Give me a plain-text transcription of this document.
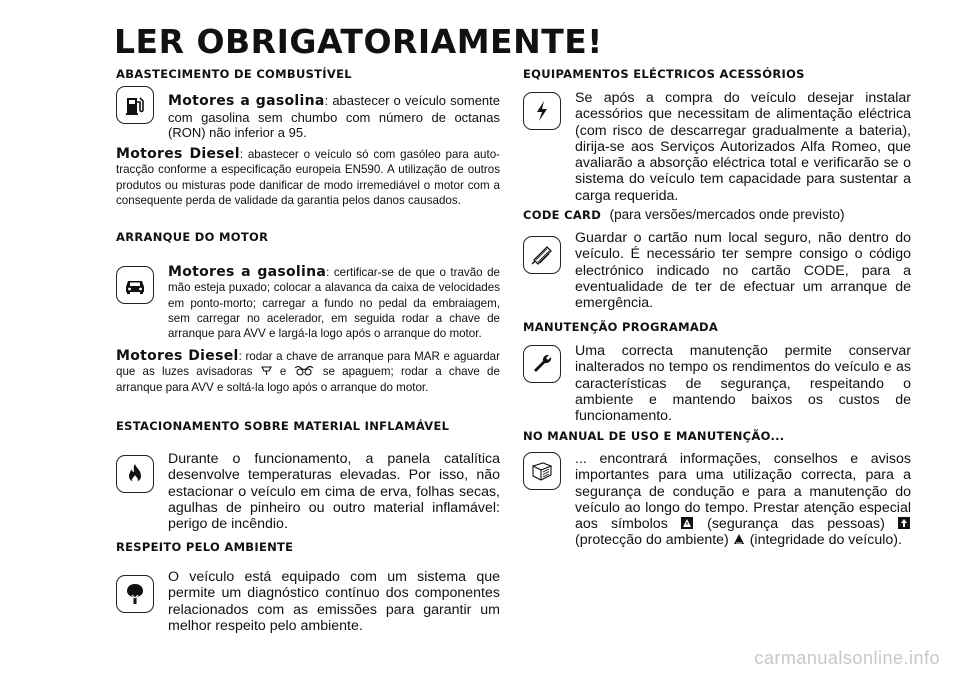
LER OBRIGATORIAMENTE!
ABASTECIMENTO DE COMBUSTÍVEL
Motores a gasolina: abastecer o veículo somente com gasolina sem chumbo com número de octanas (RON) não inferior a 95.
Motores Diesel: abastecer o veículo só com gasóleo para auto-tracção conforme a especificação europeia EN590. A utilização de outros produtos ou misturas pode danificar de modo irremediável o motor com a consequente perda de validade da garantia pelos danos causados.
ARRANQUE DO MOTOR
Motores a gasolina: certificar-se de que o travão de mão esteja puxado; colocar a alavanca da caixa de velocidades em ponto-morto; carregar a fundo no pedal da embraiagem, sem carregar no acelerador, em seguida rodar a chave de arranque para AVV e largá-la logo após o arranque do motor.
Motores Diesel: rodar a chave de arranque para MAR e aguardar que as luzes avisadoras e	se apaguem; rodar a chave de arranque para AVV e soltá-la logo após o arranque do motor.
ESTACIONAMENTO SOBRE MATERIAL INFLAMÁVEL
Durante o funcionamento, a panela catalítica desenvolve temperaturas elevadas. Por isso, não estacionar o veículo em cima de erva, folhas secas, agulhas de pinheiro ou outro material inflamável: perigo de incêndio.
RESPEITO PELO AMBIENTE
O veículo está equipado com um sistema que permite um diagnóstico contínuo dos componentes relacionados com as emissões para garantir um melhor respeito pelo ambiente.
EQUIPAMENTOS ELÉCTRICOS ACESSÓRIOS
Se após a compra do veículo desejar instalar acessórios que necessitam de alimentação eléctrica (com risco de descarregar gradualmente a bateria), dirija-se aos Serviços Autorizados Alfa Romeo, que avaliarão a absorção eléctrica total e verificarão se o sistema do veículo tem capacidade para sustentar a carga requerida.
CODE CARD (para versões/mercados onde previsto)
Guardar o cartão num local seguro, não dentro do veículo. É necessário ter sempre consigo o código electrónico indicado no cartão CODE, para a eventualidade de ter de efectuar um arranque de emergência.
MANUTENÇÃO PROGRAMADA
Uma correcta manutenção permite conservar inalterados no tempo os rendimentos do veículo e as características de segurança, respeitando o ambiente e mantendo baixos os custos de funcionamento.
NO MANUAL DE USO E MANUTENÇÃO...
... encontrará informações, conselhos e avisos importantes para uma utilização correcta, para a segurança de condução e para a manutenção do veículo ao longo do tempo. Prestar atenção especial aos símbolos	(segurança das pessoas)  (protecção do ambiente) (integridade do veículo).
carmanualsonline.info
